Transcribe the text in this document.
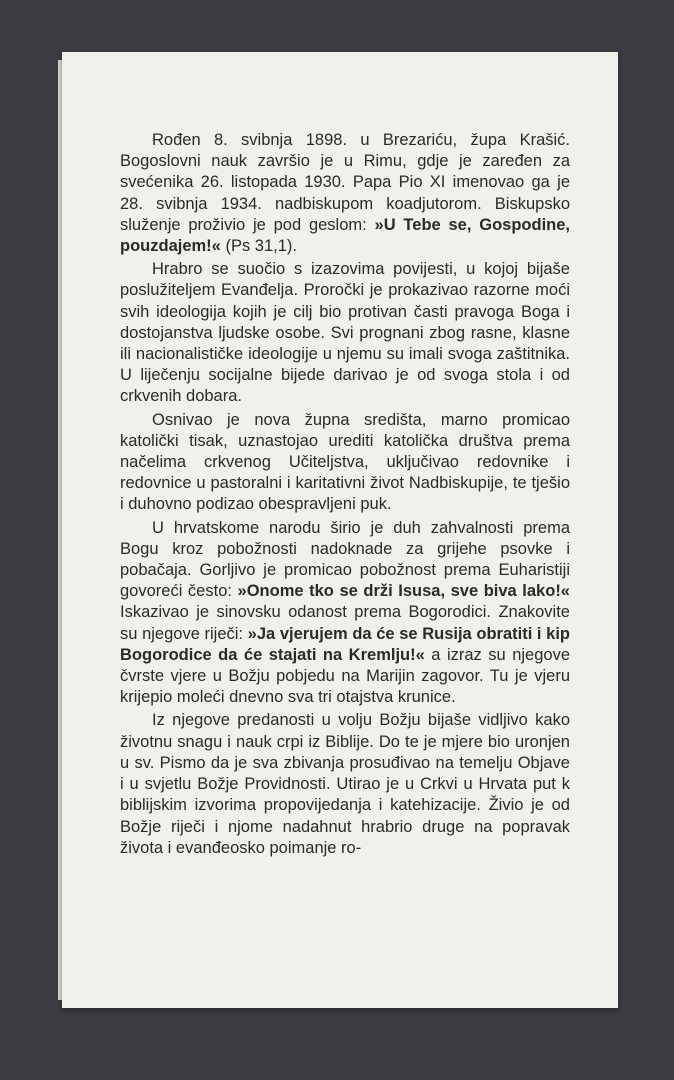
Rođen 8. svibnja 1898. u Brezariću, župa Krašić. Bogoslovni nauk završio je u Rimu, gdje je zaređen za svećenika 26. listopada 1930. Papa Pio XI imenovao ga je 28. svibnja 1934. nadbiskupom koadjutorom. Biskupsko služenje proživio je pod geslom: »U Tebe se, Gospodine, pouzdajem!« (Ps 31,1).

Hrabro se suočio s izazovima povijesti, u kojoj bijaše poslužiteljem Evanđelja. Proročki je prokazivao razorne moći svih ideologija kojih je cilj bio protivan časti pravoga Boga i dostojanstva ljudske osobe. Svi prognani zbog rasne, klasne ili nacionalističke ideologije u njemu su imali svoga zaštitnika. U liječenju socijalne bijede darivao je od svoga stola i od crkvenih dobara.

Osnivao je nova župna središta, marno promicao katolički tisak, uznastojao urediti katolička društva prema načelima crkvenog Učiteljstva, uključivao redovnike i redovnice u pastoralni i karitativni život Nadbiskupije, te tješio i duhovno podizao obespravljeni puk.

U hrvatskome narodu širio je duh zahvalnosti prema Bogu kroz pobožnosti nadoknade za grijehe psovke i pobačaja. Gorljivo je promicao pobožnost prema Euharistiji govoreći često: »Onome tko se drži Isusa, sve biva lako!« Iskazivao je sinovsku odanost prema Bogorodici. Znakovite su njegove riječi: »Ja vjerujem da će se Rusija obratiti i kip Bogorodice da će stajati na Kremlju!« a izraz su njegove čvrste vjere u Božju pobjedu na Marijin zagovor. Tu je vjeru krijepio moleći dnevno sva tri otajstva krunice.

Iz njegove predanosti u volju Božju bijaše vidljivo kako životnu snagu i nauk crpi iz Biblije. Do te je mjere bio uronjen u sv. Pismo da je sva zbivanja prosuđivao na temelju Objave i u svjetlu Božje Providnosti. Utirao je u Crkvi u Hrvata put k biblijskim izvorima propovijedanja i katehizacije. Živio je od Božje riječi i njome nadahnut hrabrio druge na popravak života i evanđeosko poimanje ro-
